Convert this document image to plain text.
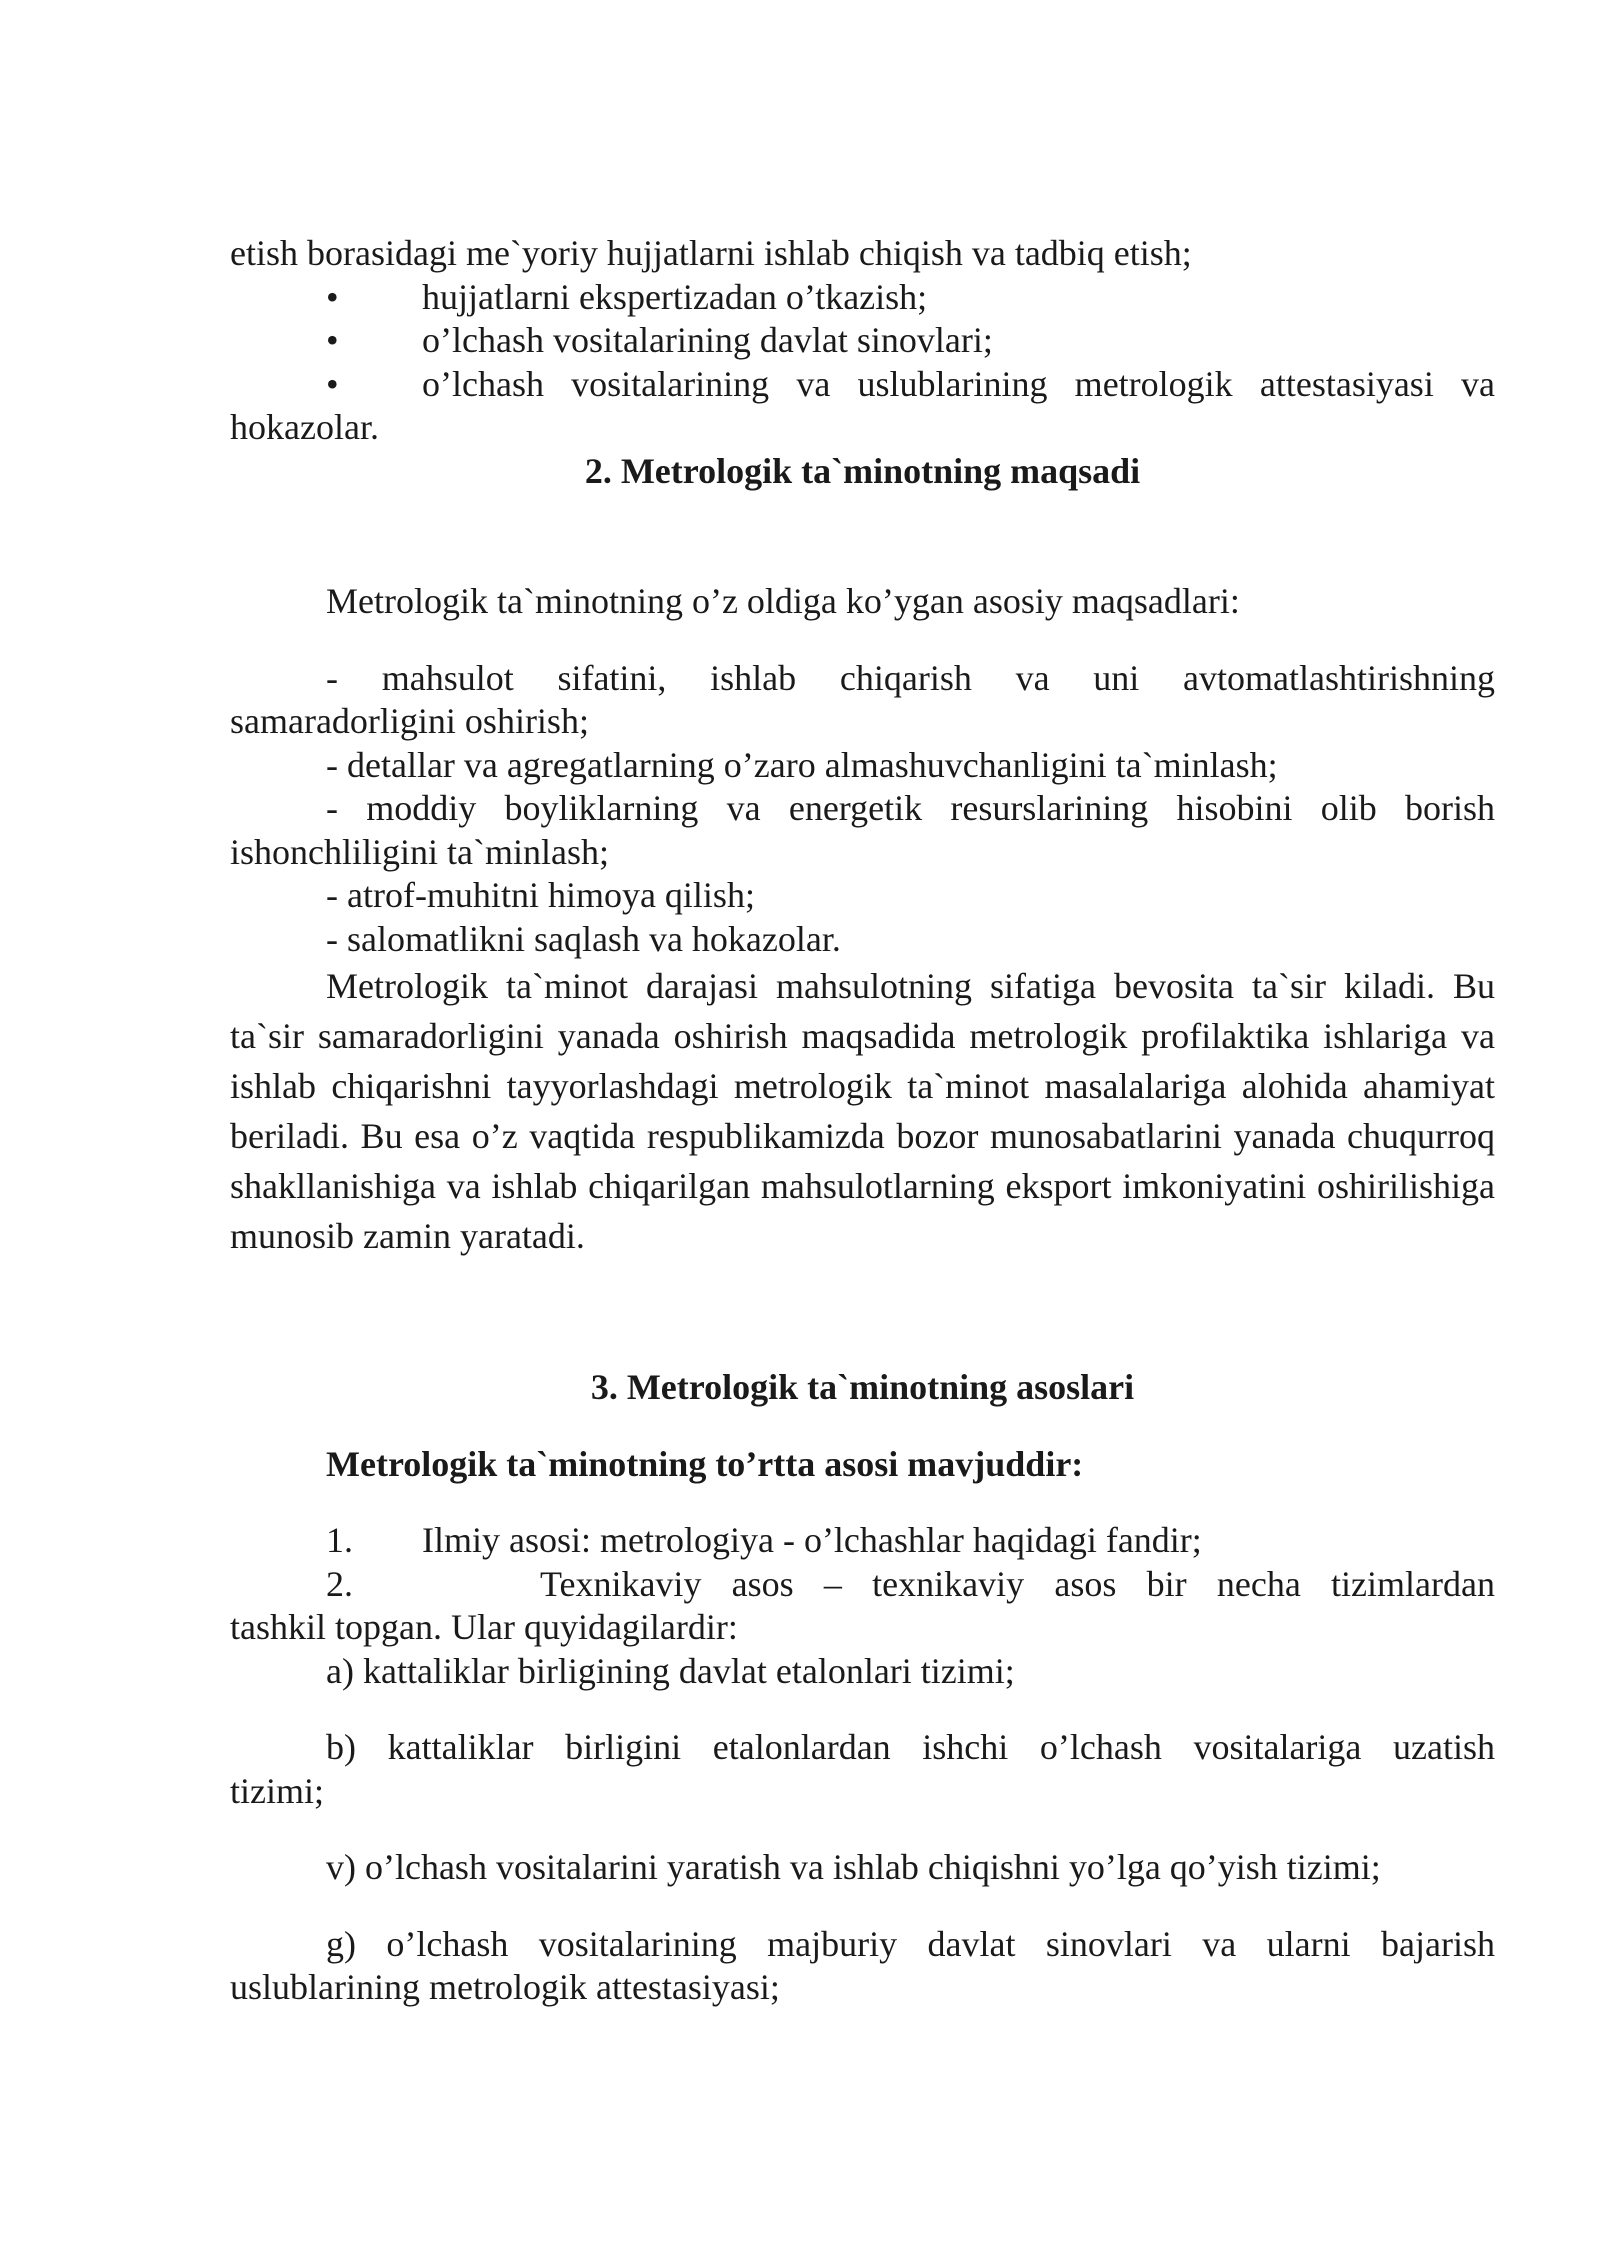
etish borasidagi me`yoriy hujjatlarni ishlab chiqish va tadbiq etish;

•	hujjatlarni ekspertizadan o’tkazish;
•	o’lchash vositalarining davlat sinovlari;
•	o’lchash vositalarining va uslublarining metrologik attestasiyasi va

hokazolar.

2. Metrologik ta`minotning maqsadi

Metrologik ta`minotning o’z oldiga ko’ygan asosiy maqsadlari:

- mahsulot sifatini, ishlab chiqarish va uni avtomatlashtirishning

samaradorligini oshirish;

- detallar va agregatlarning o’zaro almashuvchanligini ta`minlash;

- moddiy boyliklarning va energetik resurslarining hisobini olib borish

ishonchliligini ta`minlash;

- atrof-muhitni himoya qilish;

- salomatlikni saqlash va hokazolar.

Metrologik ta`minot darajasi mahsulotning sifatiga bevosita ta`sir kiladi. Bu ta`sir samaradorligini yanada oshirish maqsadida metrologik profilaktika ishlariga va ishlab chiqarishni tayyorlashdagi metrologik ta`minot masalalariga alohida ahamiyat beriladi. Bu esa o’z vaqtida respublikamizda bozor munosabatlarini yanada chuqurroq shakllanishiga va ishlab chiqarilgan mahsulotlarning eksport imkoniyatini oshirilishiga munosib zamin yaratadi.

3. Metrologik ta`minotning asoslari

Metrologik ta`minotning to’rtta asosi mavjuddir:

1.	Ilmiy asosi: metrologiya - o’lchashlar haqidagi fandir;
2.	Texnikaviy asos – texnikaviy asos bir necha tizimlardan

tashkil topgan. Ular quyidagilardir:

a) kattaliklar birligining davlat etalonlari tizimi;

b) kattaliklar birligini etalonlardan ishchi o’lchash vositalariga uzatish

tizimi;

v) o’lchash vositalarini yaratish va ishlab chiqishni yo’lga qo’yish tizimi;

g) o’lchash vositalarining majburiy davlat sinovlari va ularni bajarish

uslublarining metrologik attestasiyasi;
